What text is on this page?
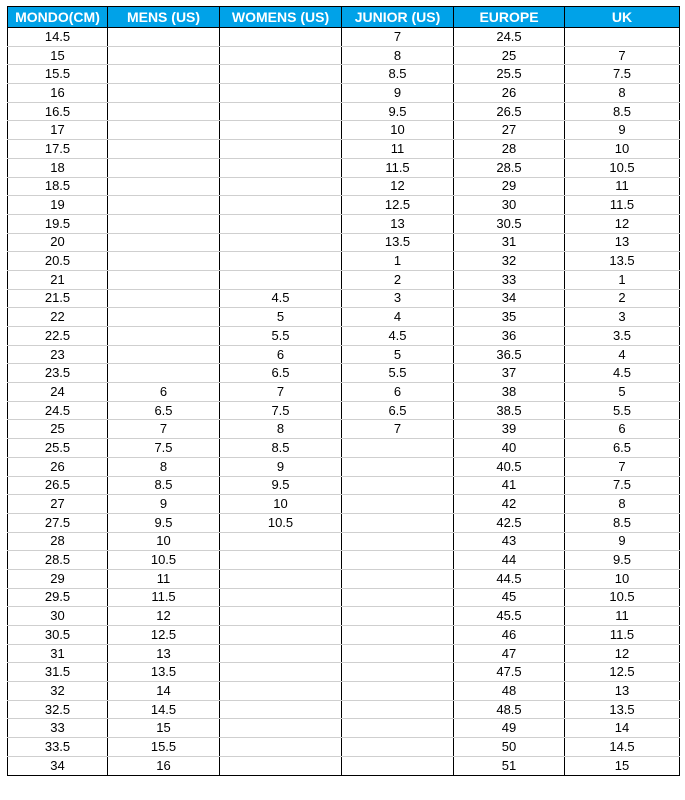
MONDO(CM)	MENS (US)	WOMENS (US)	JUNIOR (US)	EUROPE	UK
14.5			7	24.5	
15			8	25	7
15.5			8.5	25.5	7.5
16			9	26	8
16.5			9.5	26.5	8.5
17			10	27	9
17.5			11	28	10
18			11.5	28.5	10.5
18.5			12	29	11
19			12.5	30	11.5
19.5			13	30.5	12
20			13.5	31	13
20.5			1	32	13.5
21			2	33	1
21.5		4.5	3	34	2
22		5	4	35	3
22.5		5.5	4.5	36	3.5
23		6	5	36.5	4
23.5		6.5	5.5	37	4.5
24	6	7	6	38	5
24.5	6.5	7.5	6.5	38.5	5.5
25	7	8	7	39	6
25.5	7.5	8.5		40	6.5
26	8	9		40.5	7
26.5	8.5	9.5		41	7.5
27	9	10		42	8
27.5	9.5	10.5		42.5	8.5
28	10			43	9
28.5	10.5			44	9.5
29	11			44.5	10
29.5	11.5			45	10.5
30	12			45.5	11
30.5	12.5			46	11.5
31	13			47	12
31.5	13.5			47.5	12.5
32	14			48	13
32.5	14.5			48.5	13.5
33	15			49	14
33.5	15.5			50	14.5
34	16			51	15
